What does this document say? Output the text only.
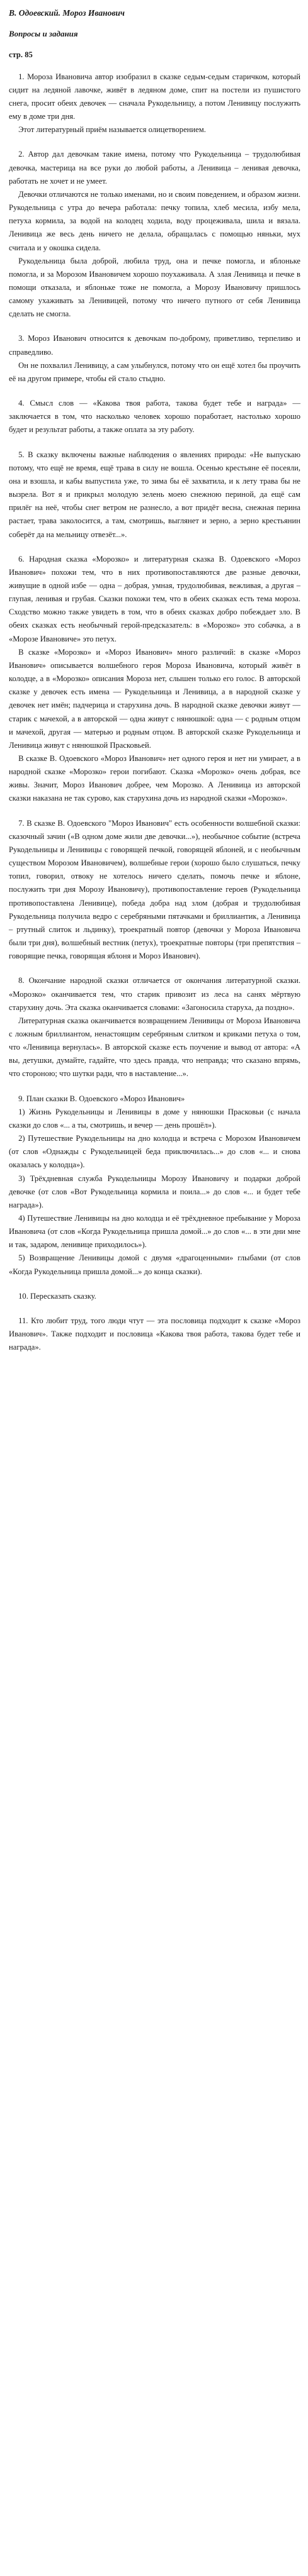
В. Одоевский. Мороз Иванович
Вопросы и задания
стр. 85

1. Мороза Ивановича автор изобразил в сказке седым-седым старичком, который сидит на ледяной лавочке, живёт в ледяном доме, спит на постели из пушистого снега, просит обеих девочек — сначала Рукодельницу, а потом Ленивицу послужить ему в доме три дня.

Этот литературный приём называется олицетворением.

2. Автор дал девочкам такие имена, потому что Рукодельница – трудолюбивая девочка, мастерица на все руки до любой работы, а Ленивица – ленивая девочка, работать не хочет и не умеет.

Девочки отличаются не только именами, но и своим поведением, и образом жизни. Рукодельница с утра до вечера работала: печку топила, хлеб месила, избу мела, петуха кормила, за водой на колодец ходила, воду процеживала, шила и вязала. Ленивица же весь день ничего не делала, обращалась с помощью няньки, мух считала и у окошка сидела.

Рукодельница была доброй, любила труд, она и печке помогла, и яблоньке помогла, и за Морозом Ивановичем хорошо поухаживала. А злая Ленивица и печке в помощи отказала, и яблоньке тоже не помогла, а Морозу Ивановичу пришлось самому ухаживать за Ленивицей, потому что ничего путного от себя Ленивица сделать не смогла.

3. Мороз Иванович относится к девочкам по-доброму, приветливо, терпеливо и справедливо.

Он не похвалил Ленивицу, а сам улыбнулся, потому что он ещё хотел бы проучить её на другом примере, чтобы ей стало стыдно.

4. Смысл слов — «Какова твоя работа, такова будет тебе и награда» — заключается в том, что насколько человек хорошо поработает, настолько хорошо будет и результат работы, а также оплата за эту работу.

5. В сказку включены важные наблюдения о явлениях природы: «Не выпускаю потому, что ещё не время, ещё трава в силу не вошла. Осенью крестьяне её посеяли, она и взошла, и кабы выпустила уже, то зима бы её захватила, и к лету трава бы не вызрела. Вот я и прикрыл молодую зелень моею снежною периной, да ещё сам прилёг на неё, чтобы снег ветром не разнесло, а вот придёт весна, снежная перина растает, трава заколосится, а там, смотришь, выглянет и зерно, а зерно крестьянин соберёт да на мельницу отвезёт...».

6. Народная сказка «Морозко» и литературная сказка В. Одоевского «Мороз Иванович» похожи тем, что в них противопоставляются две разные девочки, живущие в одной избе — одна – добрая, умная, трудолюбивая, вежливая, а другая – глупая, ленивая и грубая. Сказки похожи тем, что в обеих сказках есть тема мороза. Сходство можно также увидеть в том, что в обеих сказках добро побеждает зло. В обеих сказках есть необычный герой-предсказатель: в «Морозко» это собачка, а в «Морозе Ивановиче» это петух.

В сказке «Морозко» и «Мороз Иванович» много различий: в сказке «Мороз Иванович» описывается волшебного героя Мороза Ивановича, который живёт в колодце, а в «Морозко» описания Мороза нет, слышен только его голос. В авторской сказке у девочек есть имена — Рукодельница и Ленивица, а в народной сказке у девочек нет имён; падчерица и старухина дочь. В народной сказке девочки живут — старик с мачехой, а в авторской — одна живут с нянюшкой: одна — с родным отцом и мачехой, другая — матерью и родным отцом. В авторской сказке Рукодельница и Ленивица живут с нянюшкой Прасковьей.

В сказке В. Одоевского «Мороз Иванович» нет одного героя и нет ни умирает, а в народной сказке «Морозко» герои погибают. Сказка «Морозко» очень добрая, все живы. Значит, Мороз Иванович добрее, чем Морозко. А Ленивица из авторской сказки наказана не так сурово, как старухина дочь из народной сказки «Морозко».

7. В сказке В. Одоевского "Мороз Иванович" есть особенности волшебной сказки: сказочный зачин («В одном доме жили две девочки...»), необычное событие (встреча Рукодельницы и Ленивицы с говорящей печкой, говорящей яблоней, и с необычным существом Морозом Ивановичем), волшебные герои (хорошо было слушаться, печку топил, говорил, отвоку не хотелось ничего сделать, помочь печке и яблоне, послужить три дня Морозу Ивановичу), противопоставление героев (Рукодельница противопоставлена Ленивице), победа добра над злом (добрая и трудолюбивая Рукодельница получила ведро с серебряными пятачками и бриллиантик, а Ленивица – ртутный слиток и льдинку), троекратный повтор (девочки у Мороза Ивановича были три дня), волшебный вестник (петух), троекратные повторы (три препятствия – говорящие печка, говорящая яблоня и Мороз Иванович).

8. Окончание народной сказки отличается от окончания литературной сказки. «Морозко» оканчивается тем, что старик привозит из леса на санях мёртвую старухину дочь. Эта сказка оканчивается словами: «Загоносила старуха, да поздно».

Литературная сказка оканчивается возвращением Ленивицы от Мороза Ивановича с ложным бриллиантом, ненастоящим серебряным слитком и криками петуха о том, что «Ленивица вернулась». В авторской сказке есть поучение и вывод от автора: «А вы, детушки, думайте, гадайте, что здесь правда, что неправда; что сказано впрямь, что стороною; что шутки ради, что в наставление...».

9. План сказки В. Одоевского «Мороз Иванович»

1) Жизнь Рукодельницы и Ленивицы в доме у нянюшки Прасковьи (с начала сказки до слов «... а ты, смотришь, и вечер — день прошёл»).

2) Путешествие Рукодельницы на дно колодца и встреча с Морозом Ивановичем (от слов «Однажды с Рукодельницей беда приключилась...» до слов «... и снова оказалась у колодца»).

3) Трёхдневная служба Рукодельницы Морозу Ивановичу и подарки доброй девочке (от слов «Вот Рукодельница кормила и поила...» до слов «... и будет тебе награда»).

4) Путешествие Ленивицы на дно колодца и её трёхдневное пребывание у Мороза Ивановича (от слов «Когда Рукодельница пришла домой...» до слов «... в эти дни мне и так, задаром, ленивице приходилось»).

5) Возвращение Ленивицы домой с двумя «драгоценными» глыбами (от слов «Когда Рукодельница пришла домой...» до конца сказки).

10. Пересказать сказку.

11. Кто любит труд, того люди чтут — эта пословица подходит к сказке «Мороз Иванович». Также подходит и пословица «Какова твоя работа, такова будет тебе и награда».
